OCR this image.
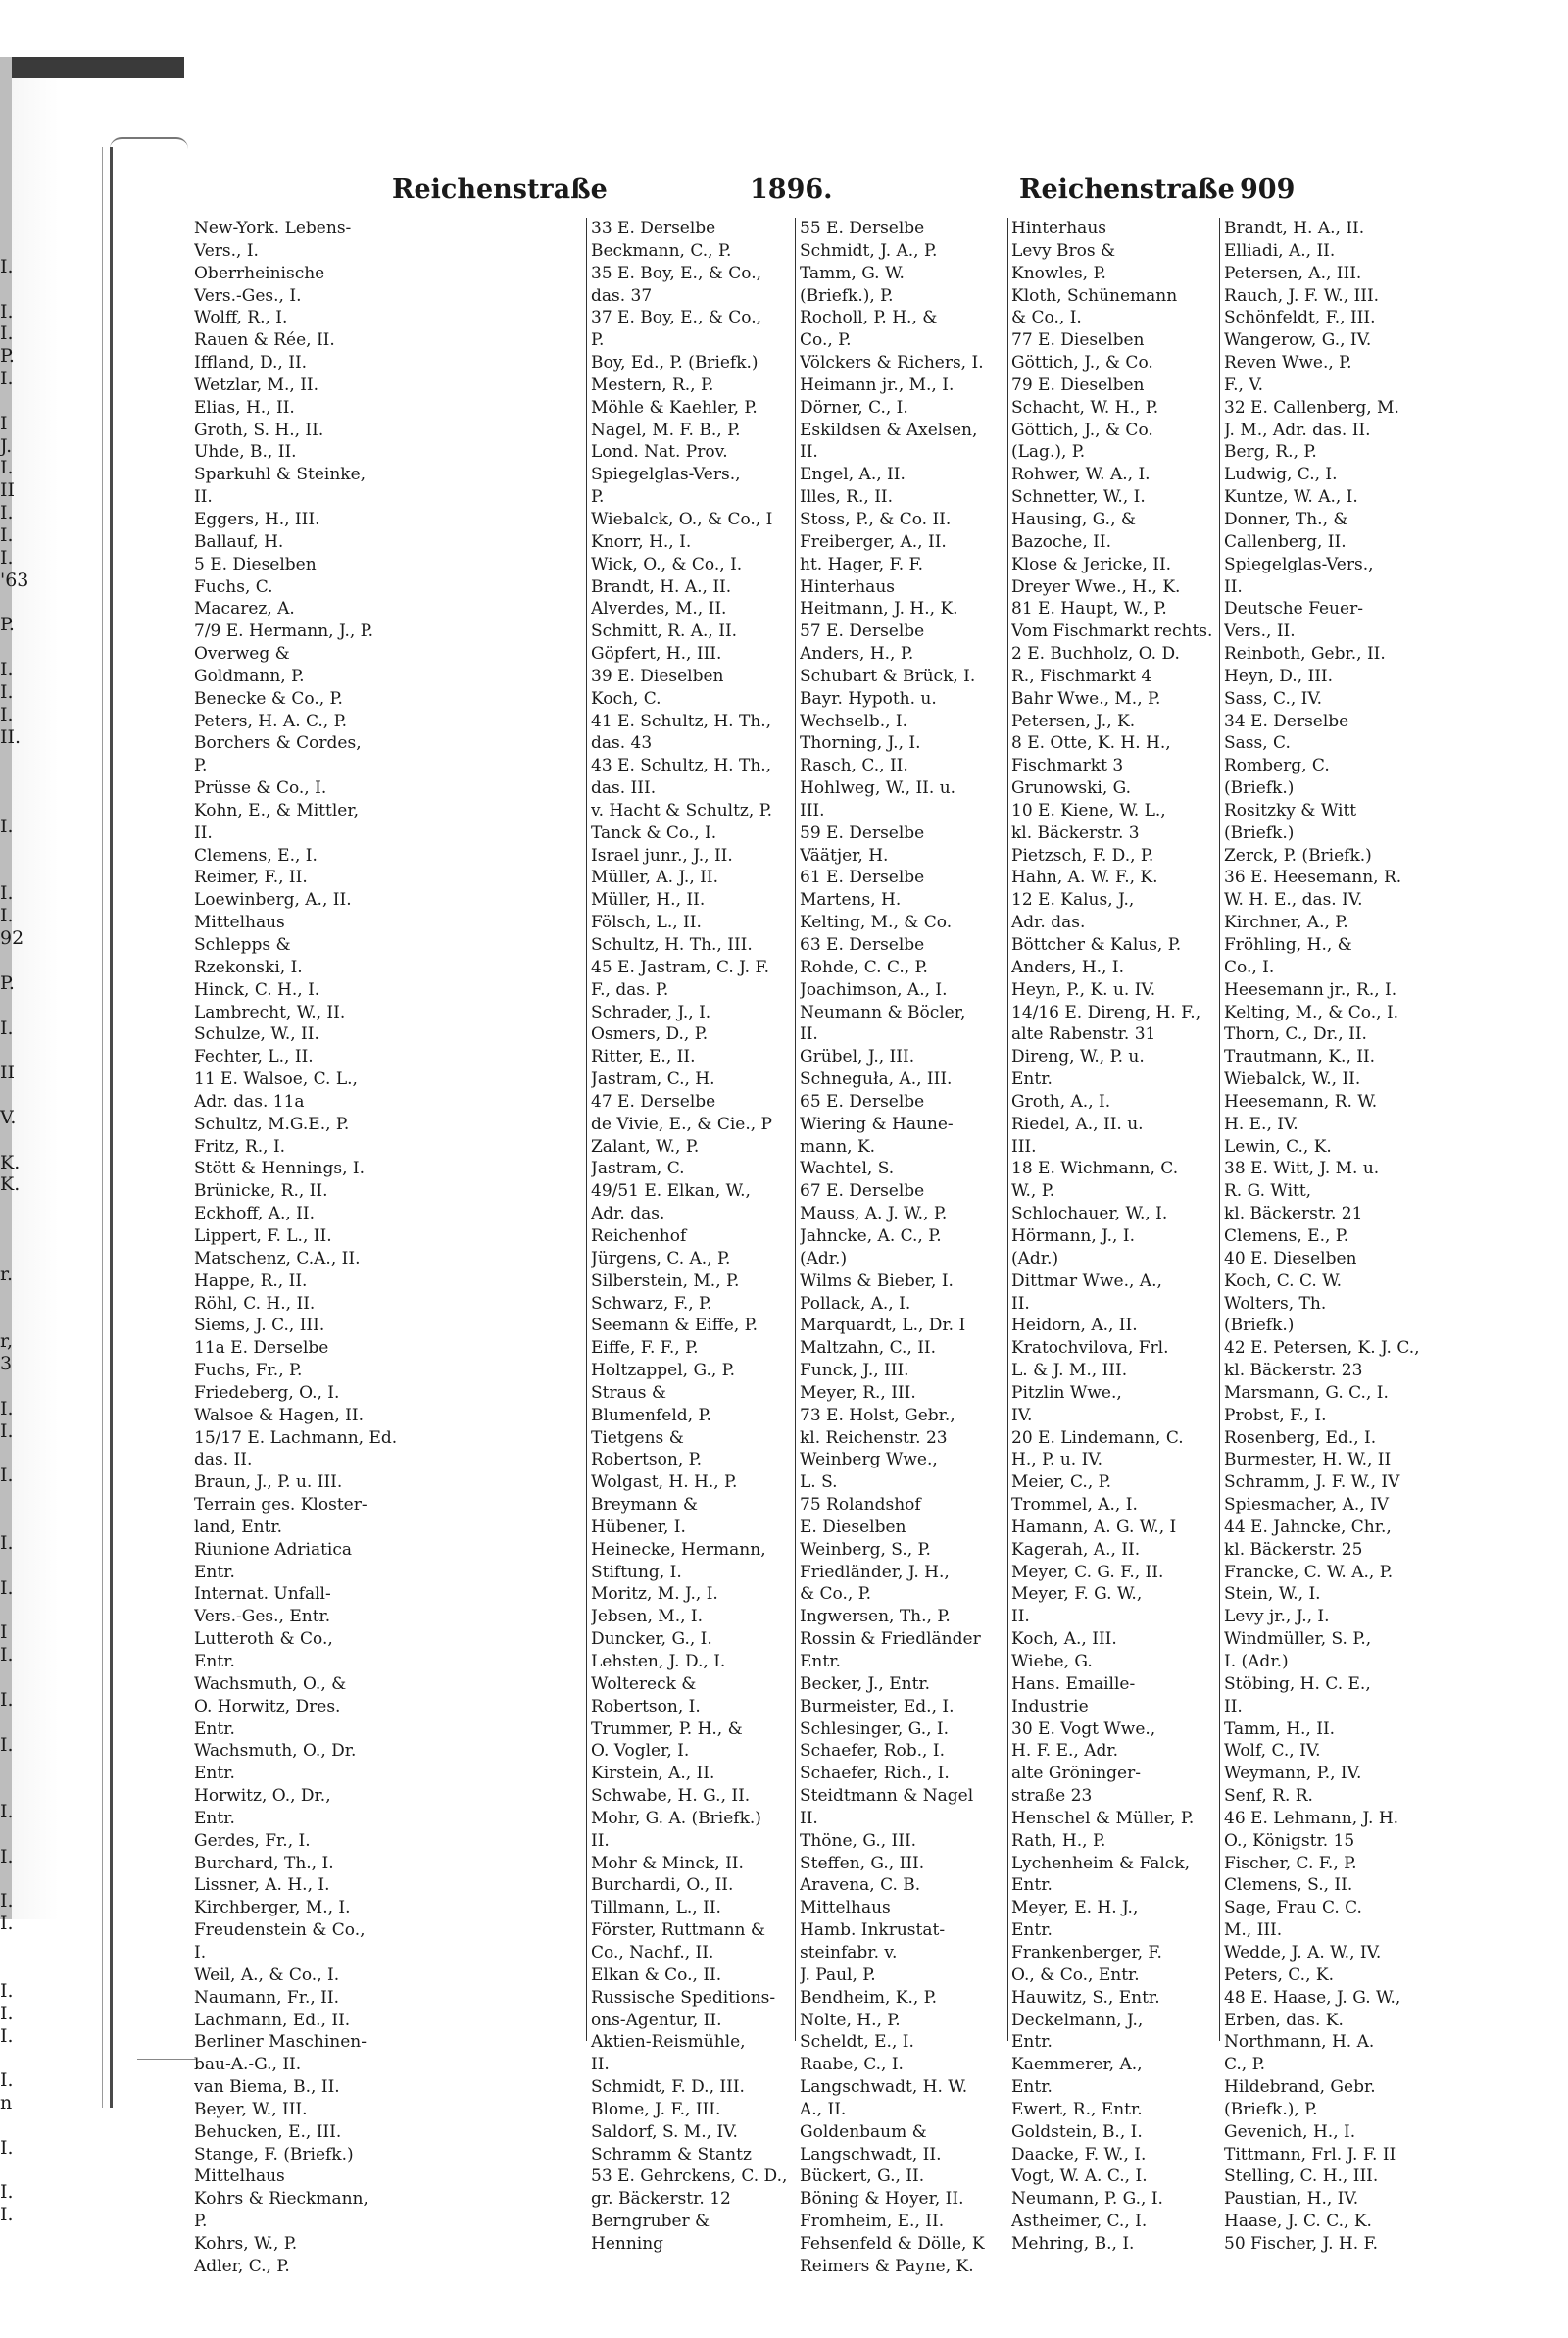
I.
I.
I.
P.
I.
I
J.
I.
II
I.
I.
I.
'63
P.
I.
I.
I.
II.
I.
I.
I.
92
P.
I.
II
V.
K.
K.
r.
r,
3
I.
I.
I.
I.
I.
I
I.
I.
I.
I.
I.
I.
I.
I.
I.
I.
I.
n
I.
I.
I.
Reichenstraße	1896.	Reichenstraße 909
New-York. Lebens-
Vers., I.
Oberrheinische
Vers.-Ges., I.
Wolff, R., I.
Rauen & Rée, II.
Iffland, D., II.
Wetzlar, M., II.
Elias, H., II.
Groth, S. H., II.
Uhde, B., II.
Sparkuhl & Steinke,
II.
Eggers, H., III.
Ballauf, H.
5 E. Dieselben
Fuchs, C.
Macarez, A.
7/9 E. Hermann, J., P.
Overweg &
Goldmann, P.
Benecke & Co., P.
Peters, H. A. C., P.
Borchers & Cordes,
P.
Prüsse & Co., I.
Kohn, E., & Mittler,
II.
Clemens, E., I.
Reimer, F., II.
Loewinberg, A., II.
Mittelhaus
Schlepps &
Rzekonski, I.
Hinck, C. H., I.
Lambrecht, W., II.
Schulze, W., II.
Fechter, L., II.
11 E. Walsoe, C. L.,
Adr. das. 11a
Schultz, M.G.E., P.
Fritz, R., I.
Stött & Hennings, I.
Brünicke, R., II.
Eckhoff, A., II.
Lippert, F. L., II.
Matschenz, C.A., II.
Happe, R., II.
Röhl, C. H., II.
Siems, J. C., III.
11a E. Derselbe
Fuchs, Fr., P.
Friedeberg, O., I.
Walsoe & Hagen, II.
15/17 E. Lachmann, Ed.
das. II.
Braun, J., P. u. III.
Terrain ges. Kloster-
land, Entr.
Riunione Adriatica
Entr.
Internat. Unfall-
Vers.-Ges., Entr.
Lutteroth & Co.,
Entr.
Wachsmuth, O., &
O. Horwitz, Dres.
Entr.
Wachsmuth, O., Dr.
Entr.
Horwitz, O., Dr.,
Entr.
Gerdes, Fr., I.
Burchard, Th., I.
Lissner, A. H., I.
Kirchberger, M., I.
Freudenstein & Co.,
I.
Weil, A., & Co., I.
Naumann, Fr., II.
Lachmann, Ed., II.
Berliner Maschinen-
bau-A.-G., II.
van Biema, B., II.
Beyer, W., III.
Behucken, E., III.
Stange, F. (Briefk.)
Mittelhaus
Kohrs & Rieckmann,
P.
Kohrs, W., P.
Adler, C., P.
33 E. Derselbe
Beckmann, C., P.
35 E. Boy, E., & Co.,
das. 37
37 E. Boy, E., & Co.,
P.
Boy, Ed., P. (Briefk.)
Mestern, R., P.
Möhle & Kaehler, P.
Nagel, M. F. B., P.
Lond. Nat. Prov.
Spiegelglas-Vers.,
P.
Wiebalck, O., & Co., I
Knorr, H., I.
Wick, O., & Co., I.
Brandt, H. A., II.
Alverdes, M., II.
Schmitt, R. A., II.
Göpfert, H., III.
39 E. Dieselben
Koch, C.
41 E. Schultz, H. Th.,
das. 43
43 E. Schultz, H. Th.,
das. III.
v. Hacht & Schultz, P.
Tanck & Co., I.
Israel junr., J., II.
Müller, A. J., II.
Müller, H., II.
Fölsch, L., II.
Schultz, H. Th., III.
45 E. Jastram, C. J. F.
F., das. P.
Schrader, J., I.
Osmers, D., P.
Ritter, E., II.
Jastram, C., H.
47 E. Derselbe
de Vivie, E., & Cie., P
Zalant, W., P.
Jastram, C.
49/51 E. Elkan, W.,
Adr. das.
Reichenhof
Jürgens, C. A., P.
Silberstein, M., P.
Schwarz, F., P.
Seemann & Eiffe, P.
Eiffe, F. F., P.
Holtzappel, G., P.
Straus &
Blumenfeld, P.
Tietgens &
Robertson, P.
Wolgast, H. H., P.
Breymann &
Hübener, I.
Heinecke, Hermann,
Stiftung, I.
Moritz, M. J., I.
Jebsen, M., I.
Duncker, G., I.
Lehsten, J. D., I.
Woltereck &
Robertson, I.
Trummer, P. H., &
O. Vogler, I.
Kirstein, A., II.
Schwabe, H. G., II.
Mohr, G. A. (Briefk.)
II.
Mohr & Minck, II.
Burchardi, O., II.
Tillmann, L., II.
Förster, Ruttmann &
Co., Nachf., II.
Elkan & Co., II.
Russische Speditions-
ons-Agentur, II.
Aktien-Reismühle,
II.
Schmidt, F. D., III.
Blome, J. F., III.
Saldorf, S. M., IV.
Schramm & Stantz
53 E. Gehrckens, C. D.,
gr. Bäckerstr. 12
Berngruber &
Henning
55 E. Derselbe
Schmidt, J. A., P.
Tamm, G. W.
(Briefk.), P.
Rocholl, P. H., &
Co., P.
Völckers & Richers, I.
Heimann jr., M., I.
Dörner, C., I.
Eskildsen & Axelsen,
II.
Engel, A., II.
Illes, R., II.
Stoss, P., & Co. II.
Freiberger, A., II.
ht. Hager, F. F.
Hinterhaus
Heitmann, J. H., K.
57 E. Derselbe
Anders, H., P.
Schubart & Brück, I.
Bayr. Hypoth. u.
Wechselb., I.
Thorning, J., I.
Rasch, C., II.
Hohlweg, W., II. u.
III.
59 E. Derselbe
Väätjer, H.
61 E. Derselbe
Martens, H.
Kelting, M., & Co.
63 E. Derselbe
Rohde, C. C., P.
Joachimson, A., I.
Neumann & Böcler,
II.
Grübel, J., III.
Schneguła, A., III.
65 E. Derselbe
Wiering & Haune-
mann, K.
Wachtel, S.
67 E. Derselbe
Mauss, A. J. W., P.
Jahncke, A. C., P.
(Adr.)
Wilms & Bieber, I.
Pollack, A., I.
Marquardt, L., Dr. I
Maltzahn, C., II.
Funck, J., III.
Meyer, R., III.
73 E. Holst, Gebr.,
kl. Reichenstr. 23
Weinberg Wwe.,
L. S.
75 Rolandshof
E. Dieselben
Weinberg, S., P.
Friedländer, J. H.,
& Co., P.
Ingwersen, Th., P.
Rossin & Friedländer
Entr.
Becker, J., Entr.
Burmeister, Ed., I.
Schlesinger, G., I.
Schaefer, Rob., I.
Schaefer, Rich., I.
Steidtmann & Nagel
II.
Thöne, G., III.
Steffen, G., III.
Aravena, C. B.
Mittelhaus
Hamb. Inkrustat-
steinfabr. v.
J. Paul, P.
Bendheim, K., P.
Nolte, H., P.
Scheldt, E., I.
Raabe, C., I.
Langschwadt, H. W.
A., II.
Goldenbaum &
Langschwadt, II.
Bückert, G., II.
Böning & Hoyer, II.
Fromheim, E., II.
Fehsenfeld & Dölle, K
Reimers & Payne, K.
Hinterhaus
Levy Bros &
Knowles, P.
Kloth, Schünemann
& Co., I.
77 E. Dieselben
Göttich, J., & Co.
79 E. Dieselben
Schacht, W. H., P.
Göttich, J., & Co.
(Lag.), P.
Rohwer, W. A., I.
Schnetter, W., I.
Hausing, G., &
Bazoche, II.
Klose & Jericke, II.
Dreyer Wwe., H., K.
81 E. Haupt, W., P.
Vom Fischmarkt rechts.
2 E. Buchholz, O. D.
R., Fischmarkt 4
Bahr Wwe., M., P.
Petersen, J., K.
8 E. Otte, K. H. H.,
Fischmarkt 3
Grunowski, G.
10 E. Kiene, W. L.,
kl. Bäckerstr. 3
Pietzsch, F. D., P.
Hahn, A. W. F., K.
12 E. Kalus, J.,
Adr. das.
Böttcher & Kalus, P.
Anders, H., I.
Heyn, P., K. u. IV.
14/16 E. Direng, H. F.,
alte Rabenstr. 31
Direng, W., P. u.
Entr.
Groth, A., I.
Riedel, A., II. u.
III.
18 E. Wichmann, C.
W., P.
Schlochauer, W., I.
Hörmann, J., I.
(Adr.)
Dittmar Wwe., A.,
II.
Heidorn, A., II.
Kratochvilova, Frl.
L. & J. M., III.
Pitzlin Wwe.,
IV.
20 E. Lindemann, C.
H., P. u. IV.
Meier, C., P.
Trommel, A., I.
Hamann, A. G. W., I
Kagerah, A., II.
Meyer, C. G. F., II.
Meyer, F. G. W.,
II.
Koch, A., III.
Wiebe, G.
Hans. Emaille-
Industrie
30 E. Vogt Wwe.,
H. F. E., Adr.
alte Gröninger-
straße 23
Henschel & Müller, P.
Rath, H., P.
Lychenheim & Falck,
Entr.
Meyer, E. H. J.,
Entr.
Frankenberger, F.
O., & Co., Entr.
Hauwitz, S., Entr.
Deckelmann, J.,
Entr.
Kaemmerer, A.,
Entr.
Ewert, R., Entr.
Goldstein, B., I.
Daacke, F. W., I.
Vogt, W. A. C., I.
Neumann, P. G., I.
Astheimer, C., I.
Mehring, B., I.
Brandt, H. A., II.
Elliadi, A., II.
Petersen, A., III.
Rauch, J. F. W., III.
Schönfeldt, F., III.
Wangerow, G., IV.
Reven Wwe., P.
F., V.
32 E. Callenberg, M.
J. M., Adr. das. II.
Berg, R., P.
Ludwig, C., I.
Kuntze, W. A., I.
Donner, Th., &
Callenberg, II.
Spiegelglas-Vers.,
II.
Deutsche Feuer-
Vers., II.
Reinboth, Gebr., II.
Heyn, D., III.
Sass, C., IV.
34 E. Derselbe
Sass, C.
Romberg, C.
(Briefk.)
Rositzky & Witt
(Briefk.)
Zerck, P. (Briefk.)
36 E. Heesemann, R.
W. H. E., das. IV.
Kirchner, A., P.
Fröhling, H., &
Co., I.
Heesemann jr., R., I.
Kelting, M., & Co., I.
Thorn, C., Dr., II.
Trautmann, K., II.
Wiebalck, W., II.
Heesemann, R. W.
H. E., IV.
Lewin, C., K.
38 E. Witt, J. M. u.
R. G. Witt,
kl. Bäckerstr. 21
Clemens, E., P.
40 E. Dieselben
Koch, C. C. W.
Wolters, Th.
(Briefk.)
42 E. Petersen, K. J. C.,
kl. Bäckerstr. 23
Marsmann, G. C., I.
Probst, F., I.
Rosenberg, Ed., I.
Burmester, H. W., II
Schramm, J. F. W., IV
Spiesmacher, A., IV
44 E. Jahncke, Chr.,
kl. Bäckerstr. 25
Francke, C. W. A., P.
Stein, W., I.
Levy jr., J., I.
Windmüller, S. P.,
I. (Adr.)
Stöbing, H. C. E.,
II.
Tamm, H., II.
Wolf, C., IV.
Weymann, P., IV.
Senf, R. R.
46 E. Lehmann, J. H.
O., Königstr. 15
Fischer, C. F., P.
Clemens, S., II.
Sage, Frau C. C.
M., III.
Wedde, J. A. W., IV.
Peters, C., K.
48 E. Haase, J. G. W.,
Erben, das. K.
Northmann, H. A.
C., P.
Hildebrand, Gebr.
(Briefk.), P.
Gevenich, H., I.
Tittmann, Frl. J. F. II
Stelling, C. H., III.
Paustian, H., IV.
Haase, J. C. C., K.
50 Fischer, J. H. F.
